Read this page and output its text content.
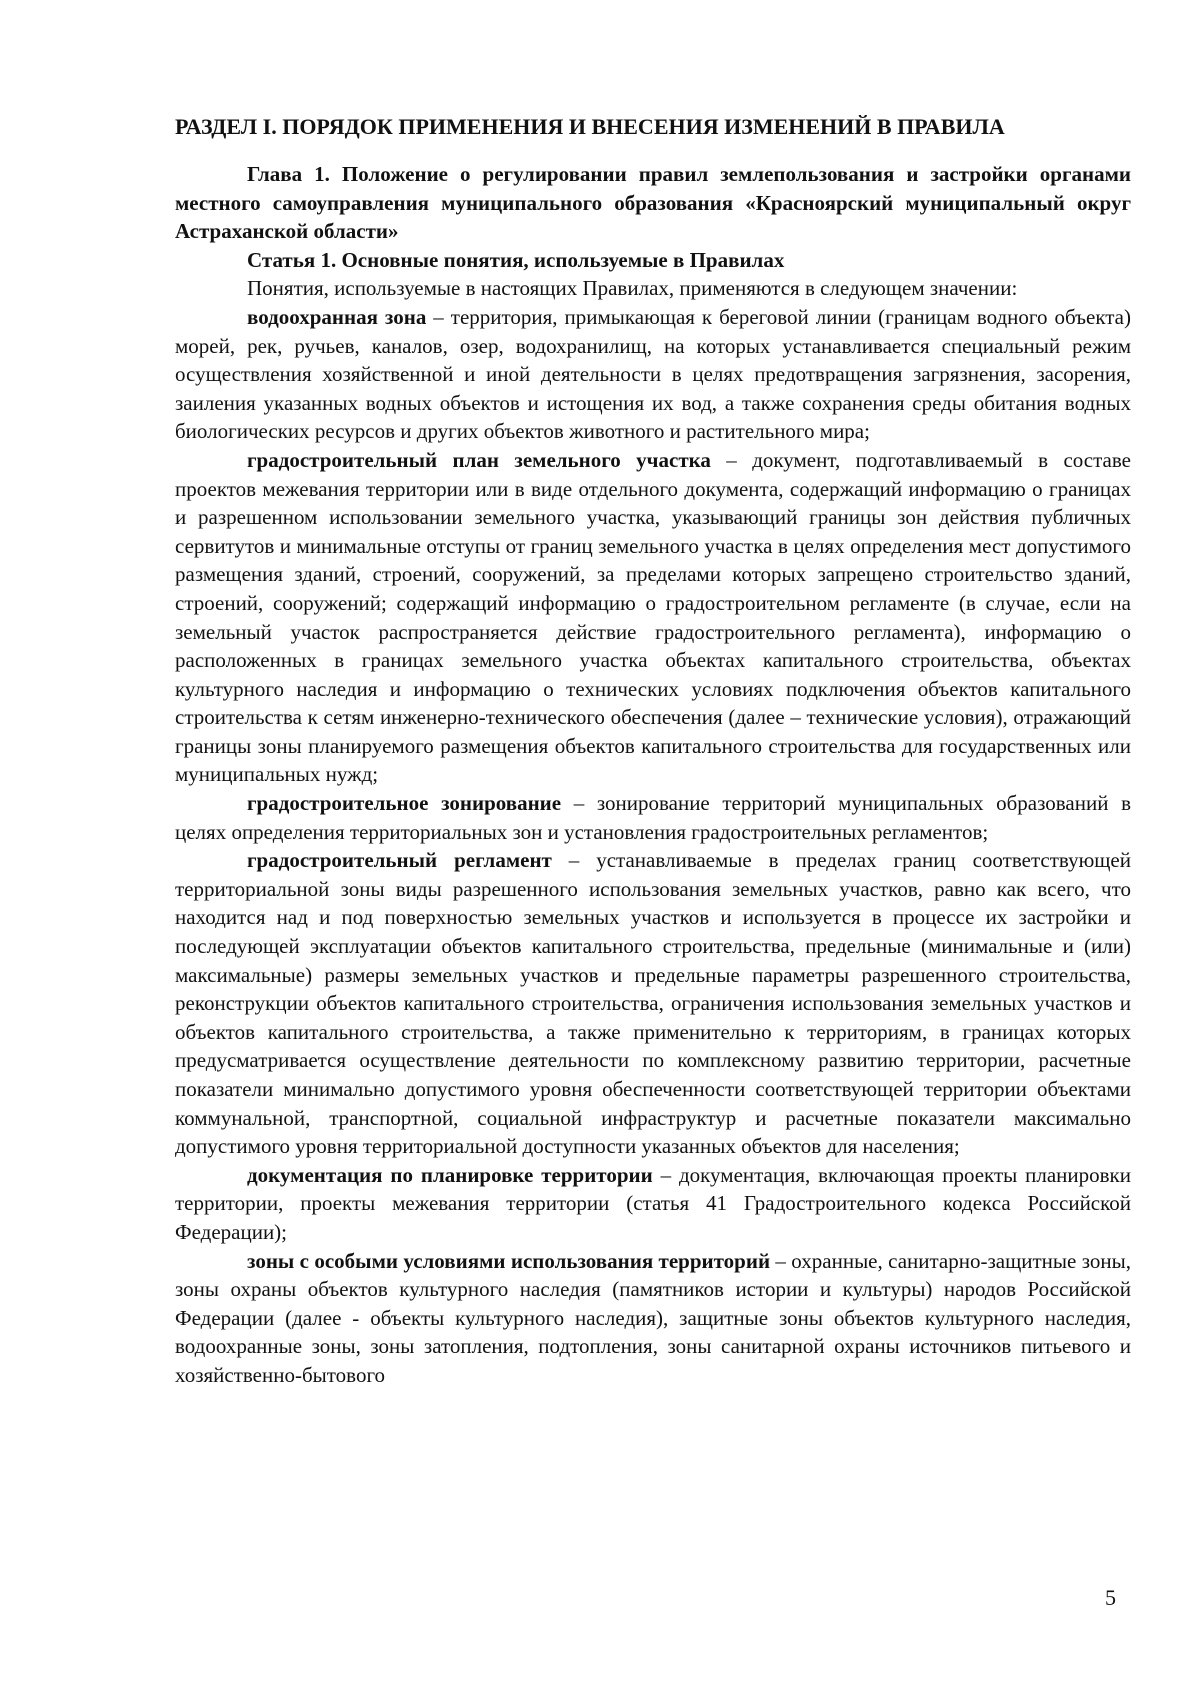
РАЗДЕЛ I. ПОРЯДОК ПРИМЕНЕНИЯ И ВНЕСЕНИЯ ИЗМЕНЕНИЙ В ПРАВИЛА

Глава 1. Положение о регулировании правил землепользования и застройки органами местного самоуправления муниципального образования «Красноярский муниципальный округ Астраханской области»

Статья 1. Основные понятия, используемые в Правилах

Понятия, используемые в настоящих Правилах, применяются в следующем значении:

водоохранная зона – территория, примыкающая к береговой линии (границам водного объекта) морей, рек, ручьев, каналов, озер, водохранилищ, на которых устанавливается специальный режим осуществления хозяйственной и иной деятельности в целях предотвращения загрязнения, засорения, заиления указанных водных объектов и истощения их вод, а также сохранения среды обитания водных биологических ресурсов и других объектов животного и растительного мира;

градостроительный план земельного участка – документ, подготавливаемый в составе проектов межевания территории или в виде отдельного документа, содержащий информацию о границах и разрешенном использовании земельного участка, указывающий границы зон действия публичных сервитутов и минимальные отступы от границ земельного участка в целях определения мест допустимого размещения зданий, строений, сооружений, за пределами которых запрещено строительство зданий, строений, сооружений; содержащий информацию о градостроительном регламенте (в случае, если на земельный участок распространяется действие градостроительного регламента), информацию о расположенных в границах земельного участка объектах капитального строительства, объектах культурного наследия и информацию о технических условиях подключения объектов капитального строительства к сетям инженерно-технического обеспечения (далее – технические условия), отражающий границы зоны планируемого размещения объектов капитального строительства для государственных или муниципальных нужд;

градостроительное зонирование – зонирование территорий муниципальных образований в целях определения территориальных зон и установления градостроительных регламентов;

градостроительный регламент – устанавливаемые в пределах границ соответствующей территориальной зоны виды разрешенного использования земельных участков, равно как всего, что находится над и под поверхностью земельных участков и используется в процессе их застройки и последующей эксплуатации объектов капитального строительства, предельные (минимальные и (или) максимальные) размеры земельных участков и предельные параметры разрешенного строительства, реконструкции объектов капитального строительства, ограничения использования земельных участков и объектов капитального строительства, а также применительно к территориям, в границах которых предусматривается осуществление деятельности по комплексному развитию территории, расчетные показатели минимально допустимого уровня обеспеченности соответствующей территории объектами коммунальной, транспортной, социальной инфраструктур и расчетные показатели максимально допустимого уровня территориальной доступности указанных объектов для населения;

документация по планировке территории – документация, включающая проекты планировки территории, проекты межевания территории (статья 41 Градостроительного кодекса Российской Федерации);

зоны с особыми условиями использования территорий – охранные, санитарно-защитные зоны, зоны охраны объектов культурного наследия (памятников истории и культуры) народов Российской Федерации (далее - объекты культурного наследия), защитные зоны объектов культурного наследия, водоохранные зоны, зоны затопления, подтопления, зоны санитарной охраны источников питьевого и хозяйственно-бытового

5
